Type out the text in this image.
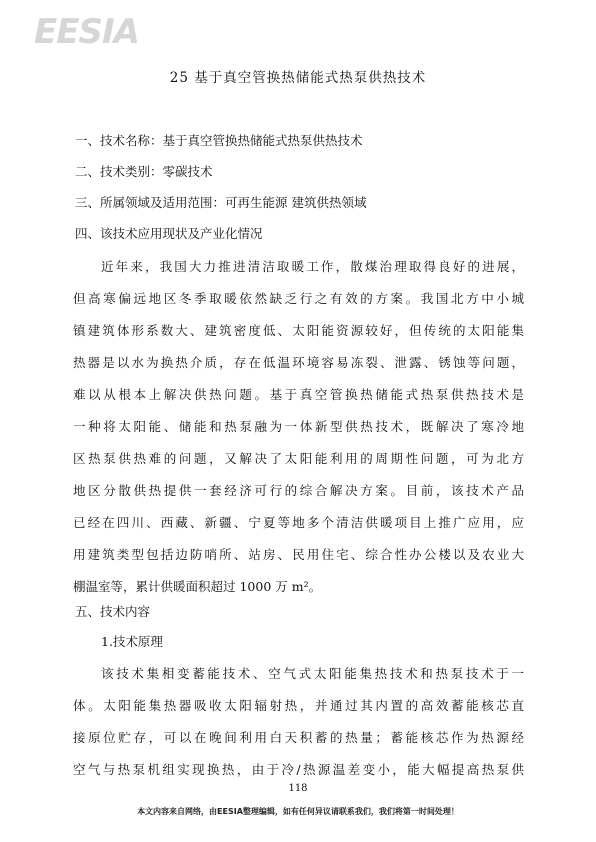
EESIA
25 基于真空管换热储能式热泵供热技术
一、技术名称：基于真空管换热储能式热泵供热技术
二、技术类别：零碳技术
三、所属领域及适用范围：可再生能源 建筑供热领域
四、该技术应用现状及产业化情况
近年来，我国大力推进清洁取暖工作，散煤治理取得良好的进展，
但高寒偏远地区冬季取暖依然缺乏行之有效的方案。我国北方中小城
镇建筑体形系数大、建筑密度低、太阳能资源较好，但传统的太阳能集
热器是以水为换热介质，存在低温环境容易冻裂、泄露、锈蚀等问题，
难以从根本上解决供热问题。基于真空管换热储能式热泵供热技术是
一种将太阳能、储能和热泵融为一体新型供热技术，既解决了寒冷地
区热泵供热难的问题，又解决了太阳能利用的周期性问题，可为北方
地区分散供热提供一套经济可行的综合解决方案。目前，该技术产品
已经在四川、西藏、新疆、宁夏等地多个清洁供暖项目上推广应用，应
用建筑类型包括边防哨所、站房、民用住宅、综合性办公楼以及农业大
棚温室等，累计供暖面积超过 1000 万 m²。
五、技术内容
1.技术原理
该技术集相变蓄能技术、空气式太阳能集热技术和热泵技术于一
体。太阳能集热器吸收太阳辐射热，并通过其内置的高效蓄能核芯直
接原位贮存，可以在晚间利用白天积蓄的热量；蓄能核芯作为热源经
空气与热泵机组实现换热，由于冷/热源温差变小，能大幅提高热泵供
118
本文内容来自网络，由EESIA整理编辑，如有任何异议请联系我们，我们将第一时间处理！
